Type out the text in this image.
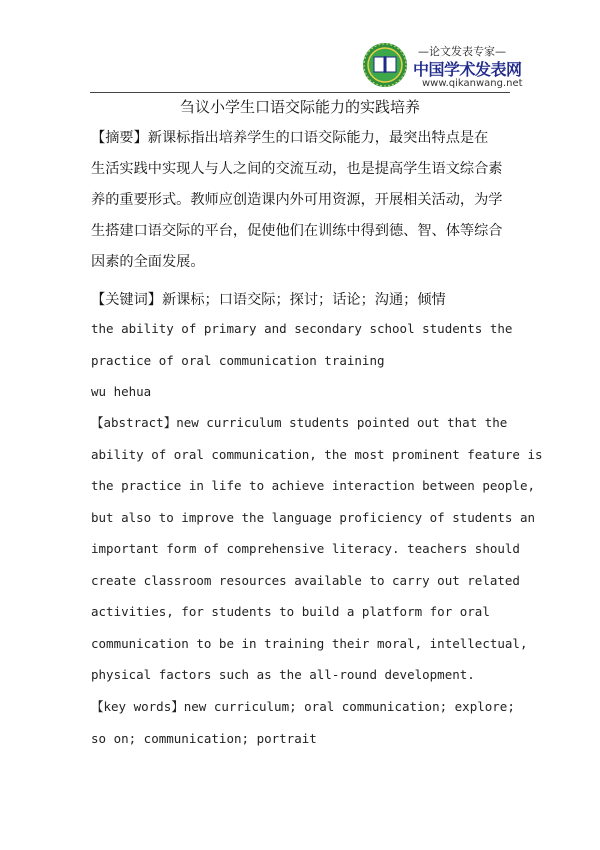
—论文发表专家—
中国学术发表网
www.qikanwang.net
刍议小学生口语交际能力的实践培养
【摘要】新课标指出培养学生的口语交际能力，最突出特点是在
生活实践中实现人与人之间的交流互动，也是提高学生语文综合素
养的重要形式。教师应创造课内外可用资源，开展相关活动，为学
生搭建口语交际的平台，促使他们在训练中得到德、智、体等综合
因素的全面发展。
【关键词】新课标；口语交际；探讨；话论；沟通；倾情
the ability of primary and secondary school students the
practice of oral communication training
wu hehua
【abstract】new curriculum students pointed out that the
ability of oral communication, the most prominent feature is
the practice in life to achieve interaction between people,
but also to improve the language proficiency of students an
important form of comprehensive literacy. teachers should
create classroom resources available to carry out related
activities, for students to build a platform for oral
communication to be in training their moral, intellectual,
physical factors such as the all-round development.
【key words】new curriculum; oral communication; explore;
so on; communication; portrait
